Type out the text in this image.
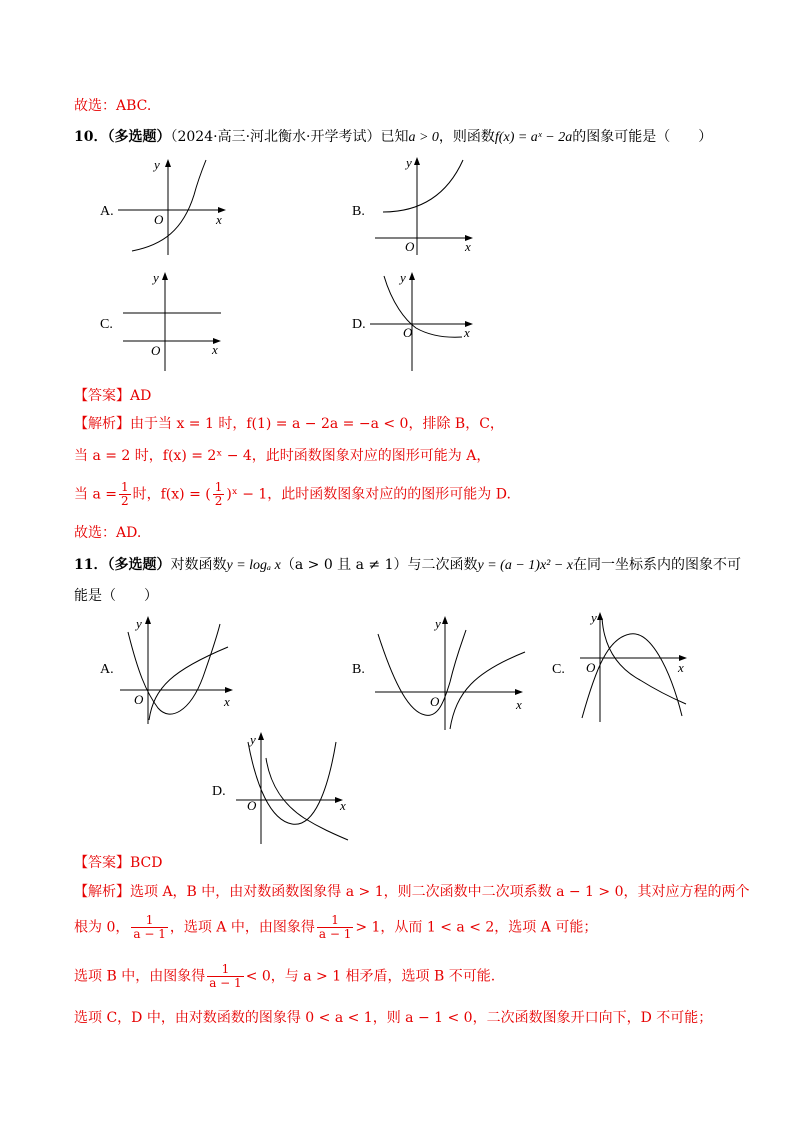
故选：ABC.
10．（多选题）（2024·高三·河北衡水·开学考试）已知a > 0，则函数f(x) = aˣ − 2a的图象可能是（　　）
A.
y
x
O
B.
y
x
O
C.
y
x
O
D.
y
x
O
【答案】AD
【解析】由于当 x = 1 时，f(1) = a − 2a = −a < 0，排除 B，C，
当 a = 2 时，f(x) = 2ˣ − 4，此时函数图象对应的图形可能为 A，
当 $a = \frac{1}{2}$ 时，f(x) = ( $\frac{1}{2}$ )ˣ − 1，此时函数图象对应的的图形可能为 D.
故选：AD.
11．（多选题）对数函数y = logₐ x（a > 0 且 a ≠ 1）与二次函数y = (a − 1)x² − x在同一坐标系内的图象不可
能是（　　）
A.
y
x
O
B.
y
x
O
C.
y
x
O
D.
y
x
O
【答案】BCD
【解析】选项 A，B 中，由对数函数图象得 a > 1，则二次函数中二次项系数 a − 1 > 0，其对应方程的两个
根为 0， $\frac{1}{a - 1}$ ，选项 A 中，由图象得 $\frac{1}{a - 1} > 1$，从而 1 < a < 2，选项 A 可能；
选项 B 中，由图象得 $\frac{1}{a - 1} < 0$，与 a > 1 相矛盾，选项 B 不可能.
选项 C，D 中，由对数函数的图象得 0 < a < 1，则 a − 1 < 0，二次函数图象开口向下，D 不可能；
